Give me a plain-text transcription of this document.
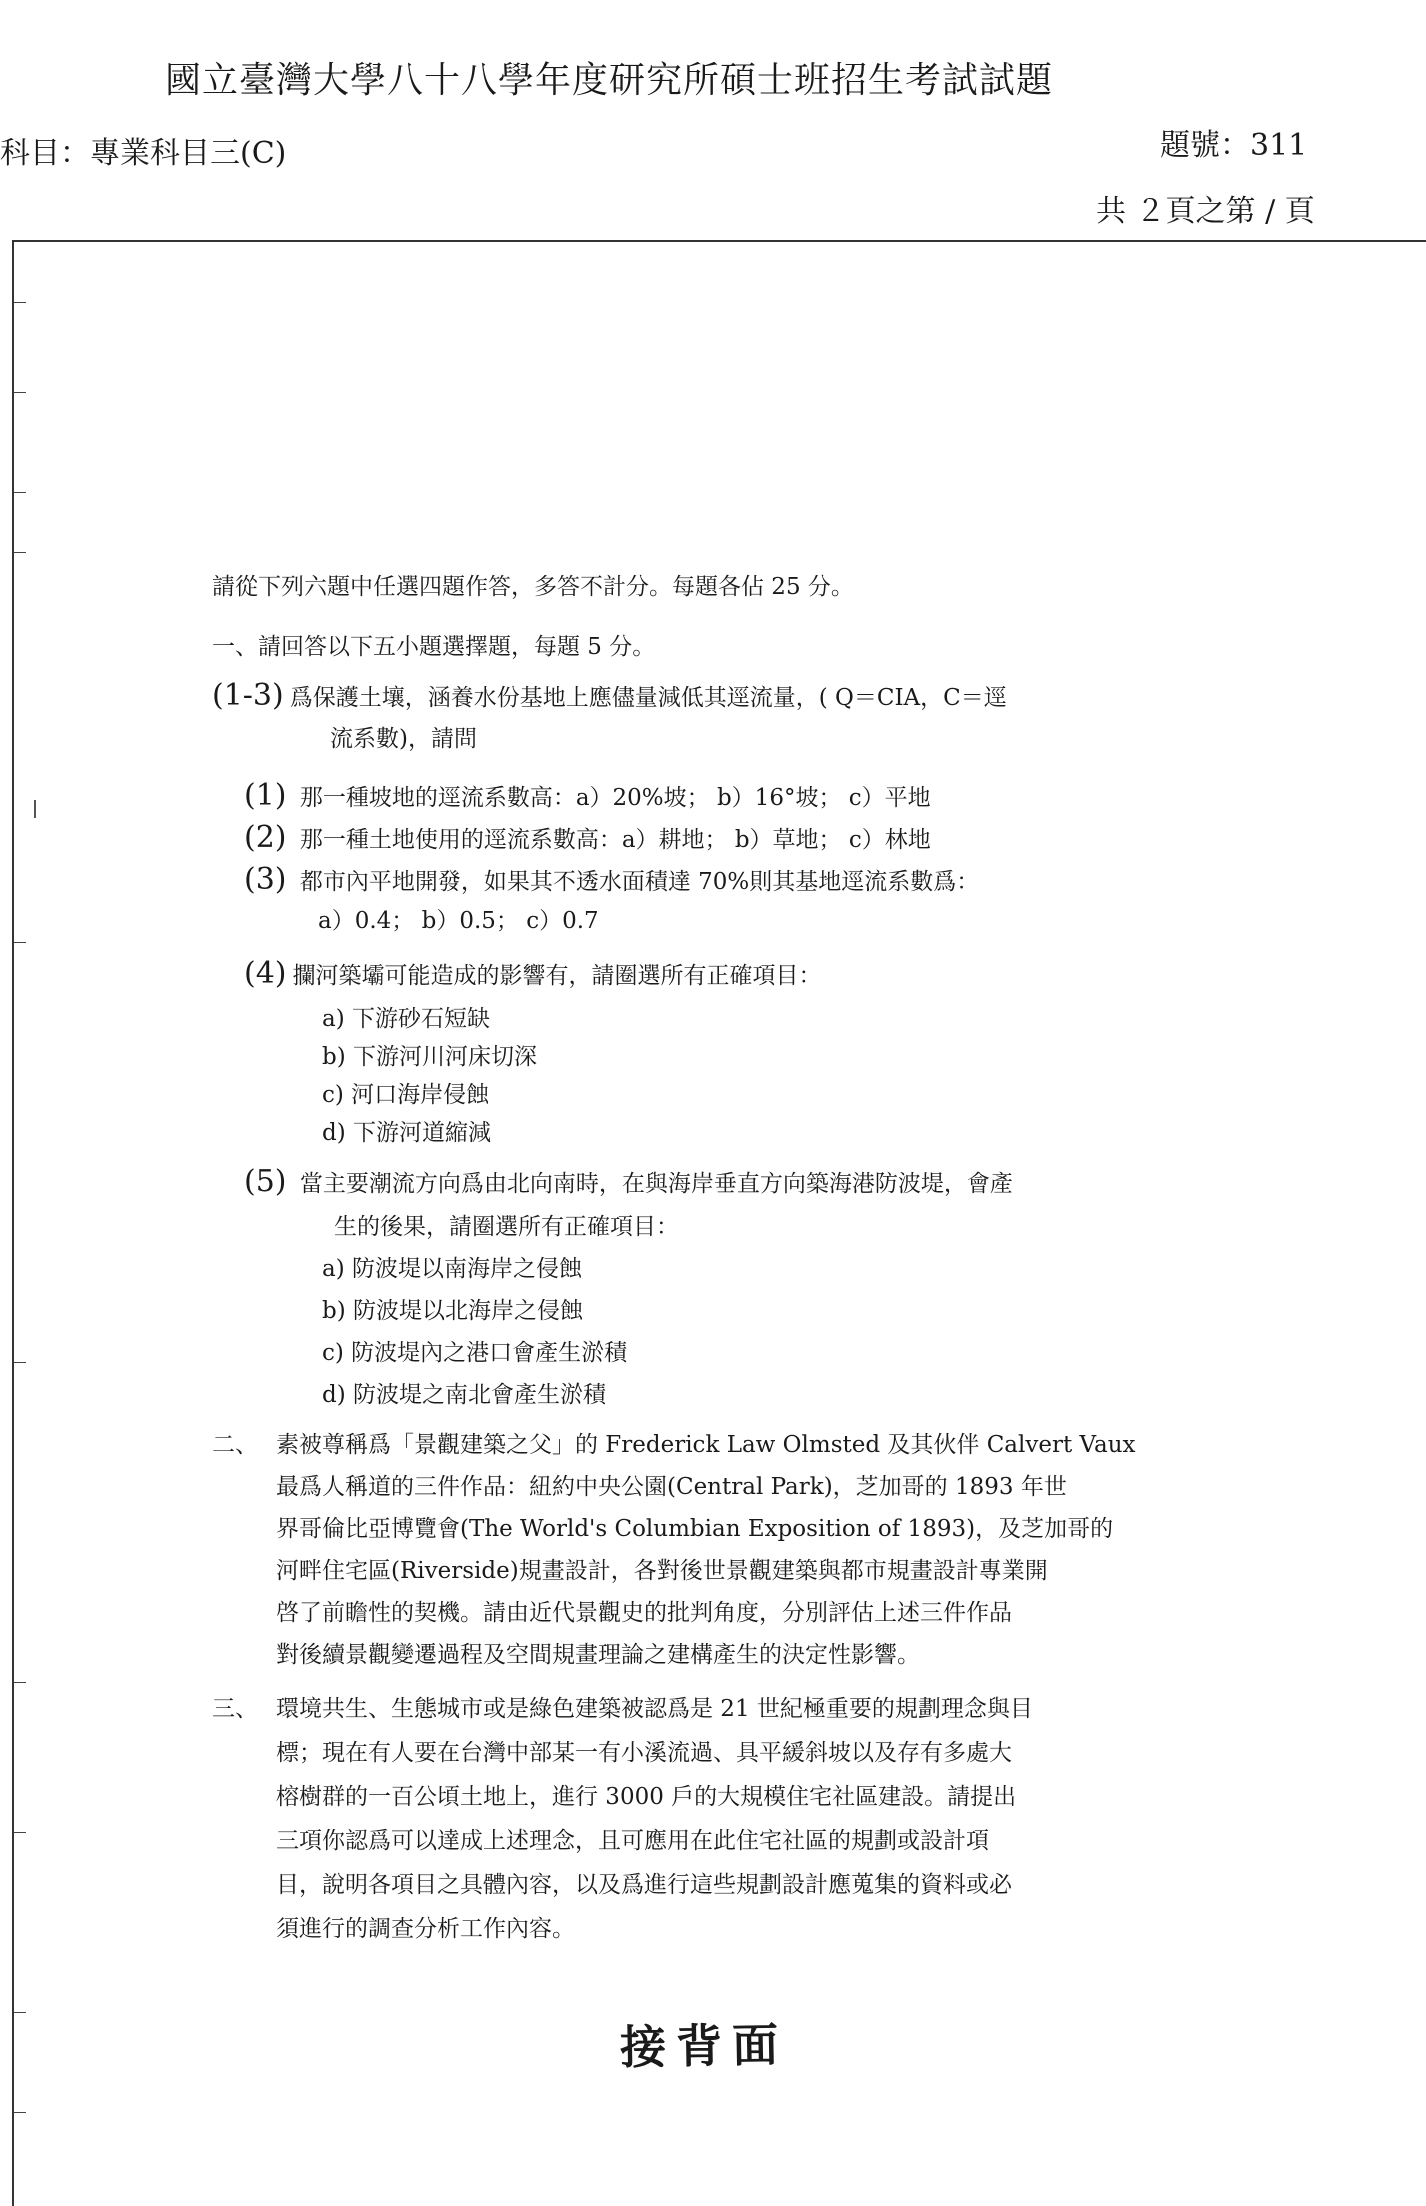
國立臺灣大學八十八學年度研究所碩士班招生考試試題
科目：專業科目三(C)	題號：311
共 ２頁之第 / 頁
請從下列六題中任選四題作答，多答不計分。每題各佔 25 分。
一、請回答以下五小題選擇題，每題 5 分。
(1-3) 爲保護土壤，涵養水份基地上應儘量減低其逕流量，( Q＝CIA，C＝逕
流系數)，請問
(1) 那一種坡地的逕流系數高：a）20%坡； b）16°坡； c）平地
(2) 那一種土地使用的逕流系數高：a）耕地； b）草地； c）林地
(3) 都市內平地開發，如果其不透水面積達 70%則其基地逕流系數爲：
a）0.4； b）0.5； c）0.7
(4) 攔河築壩可能造成的影響有，請圈選所有正確項目：
a) 下游砂石短缺
b) 下游河川河床切深
c) 河口海岸侵蝕
d) 下游河道縮減
(5) 當主要潮流方向爲由北向南時，在與海岸垂直方向築海港防波堤，會產
生的後果，請圈選所有正確項目：
a) 防波堤以南海岸之侵蝕
b) 防波堤以北海岸之侵蝕
c) 防波堤內之港口會產生淤積
d) 防波堤之南北會產生淤積
二、 素被尊稱爲「景觀建築之父」的 Frederick Law Olmsted 及其伙伴 Calvert Vaux
最爲人稱道的三件作品：紐約中央公園(Central Park)，芝加哥的 1893 年世
界哥倫比亞博覽會(The World's Columbian Exposition of 1893)，及芝加哥的
河畔住宅區(Riverside)規畫設計，各對後世景觀建築與都市規畫設計專業開
啓了前瞻性的契機。請由近代景觀史的批判角度，分別評估上述三件作品
對後續景觀變遷過程及空間規畫理論之建構產生的決定性影響。
三、 環境共生、生態城市或是綠色建築被認爲是 21 世紀極重要的規劃理念與目
標；現在有人要在台灣中部某一有小溪流過、具平緩斜坡以及存有多處大
榕樹群的一百公頃土地上，進行 3000 戶的大規模住宅社區建設。請提出
三項你認爲可以達成上述理念，且可應用在此住宅社區的規劃或設計項
目，說明各項目之具體內容，以及爲進行這些規劃設計應蒐集的資料或必
須進行的調查分析工作內容。
接背面
